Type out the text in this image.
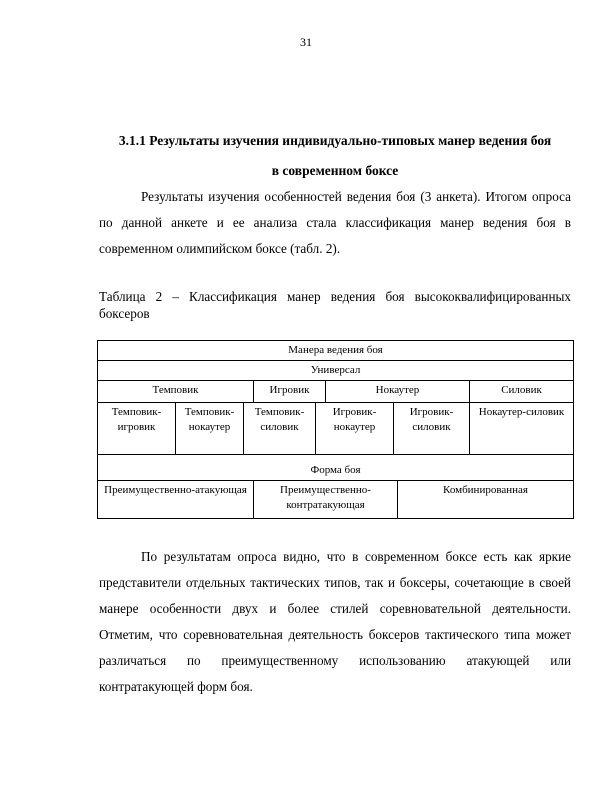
31
3.1.1 Результаты изучения индивидуально-типовых манер ведения боя
в современном боксе
Результаты изучения особенностей ведения боя (3 анкета). Итогом опроса по данной анкете и ее анализа стала классификация манер ведения боя в современном олимпийском боксе (табл. 2).
Таблица 2 – Классификация манер ведения боя высококвалифицированных боксеров
Манера ведения боя								
Универсал								
Темповик			Игровик		Нокаутер			Силовик
Темповик-игровик	Темповик-нокаутер	Темповик-силовик		Игровик-нокаутер		Игровик-силовик		Нокаутер-силовик
Форма боя								
Преимущественно-атакующая			Преимущественно-контратакующая				Комбинированная	
По результатам опроса видно, что в современном боксе есть как яркие представители отдельных тактических типов, так и боксеры, сочетающие в своей манере особенности двух и более стилей соревновательной деятельности. Отметим, что соревновательная деятельность боксеров тактического типа может различаться по преимущественному использованию атакующей или контратакующей форм боя.
